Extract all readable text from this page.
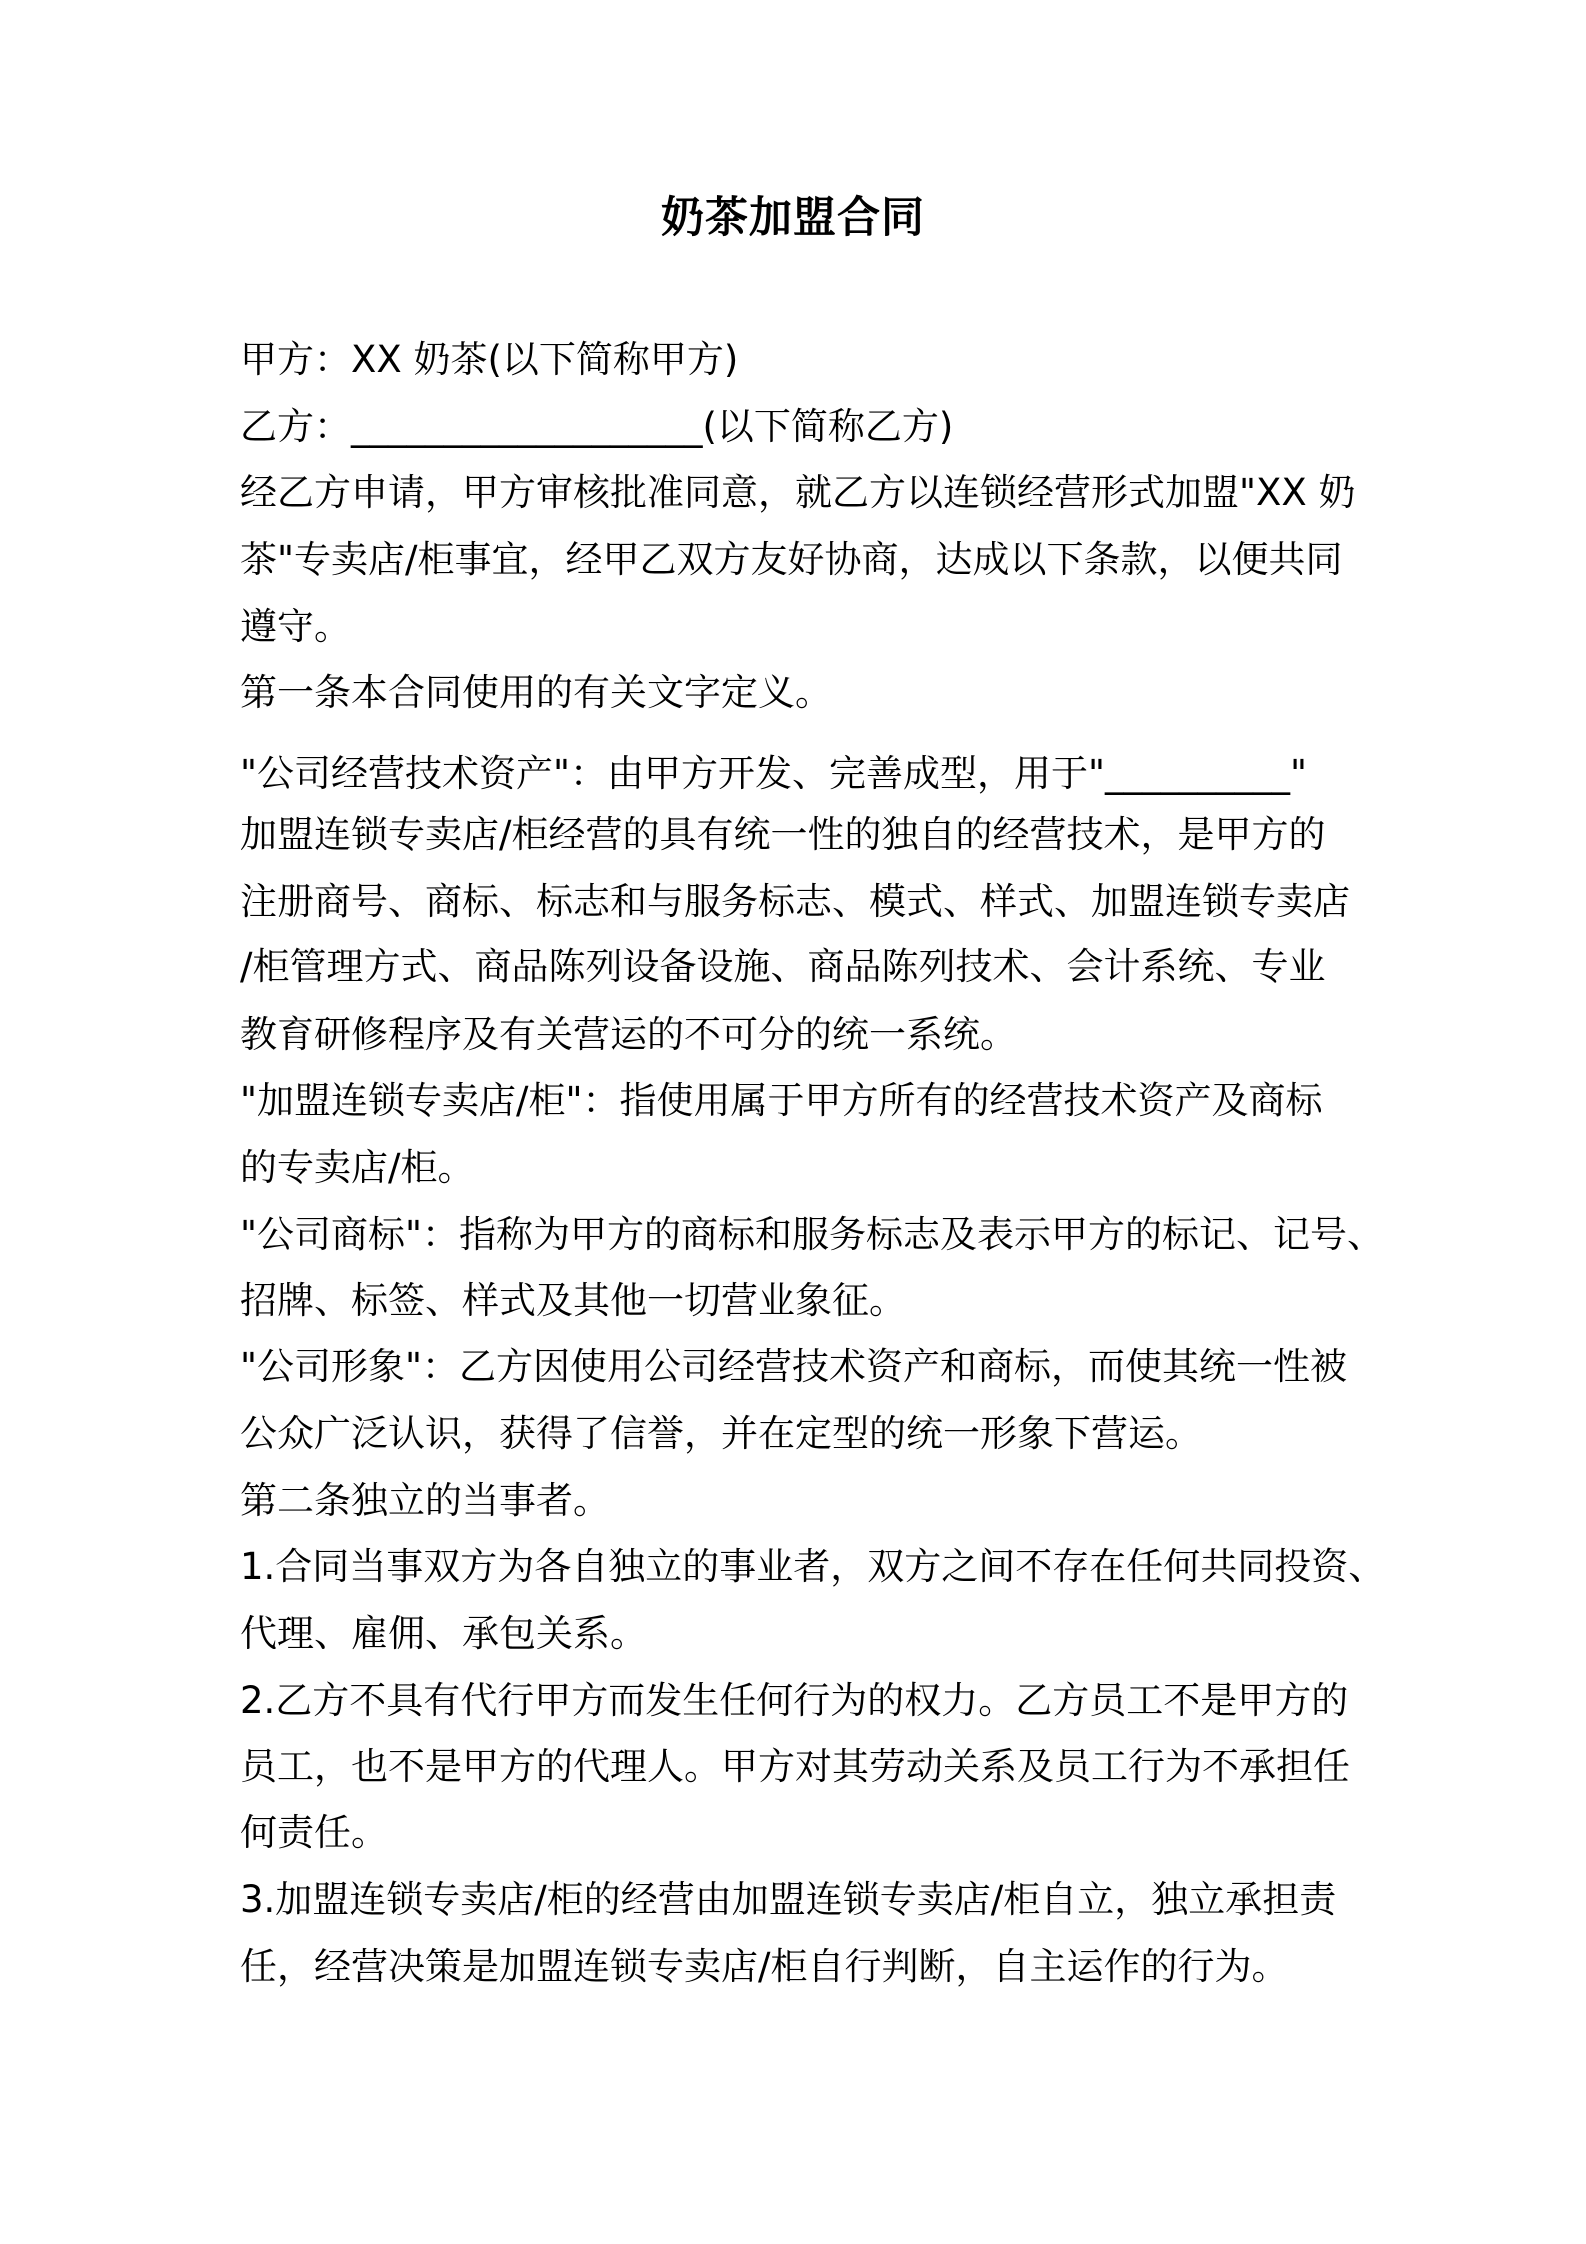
奶茶加盟合同
甲方：XX 奶茶(以下简称甲方)
乙方：___________________(以下简称乙方)
经乙方申请，甲方审核批准同意，就乙方以连锁经营形式加盟"XX 奶
茶"专卖店/柜事宜，经甲乙双方友好协商，达成以下条款，以便共同
遵守。
第一条本合同使用的有关文字定义。
"公司经营技术资产"：由甲方开发、完善成型，用于"__________"
加盟连锁专卖店/柜经营的具有统一性的独自的经营技术，是甲方的
注册商号、商标、标志和与服务标志、模式、样式、加盟连锁专卖店
/柜管理方式、商品陈列设备设施、商品陈列技术、会计系统、专业
教育研修程序及有关营运的不可分的统一系统。
"加盟连锁专卖店/柜"：指使用属于甲方所有的经营技术资产及商标
的专卖店/柜。
"公司商标"：指称为甲方的商标和服务标志及表示甲方的标记、记号、
招牌、标签、样式及其他一切营业象征。
"公司形象"：乙方因使用公司经营技术资产和商标，而使其统一性被
公众广泛认识，获得了信誉，并在定型的统一形象下营运。
第二条独立的当事者。
1.合同当事双方为各自独立的事业者，双方之间不存在任何共同投资、
代理、雇佣、承包关系。
2.乙方不具有代行甲方而发生任何行为的权力。乙方员工不是甲方的
员工，也不是甲方的代理人。甲方对其劳动关系及员工行为不承担任
何责任。
3.加盟连锁专卖店/柜的经营由加盟连锁专卖店/柜自立，独立承担责
任，经营决策是加盟连锁专卖店/柜自行判断，自主运作的行为。
